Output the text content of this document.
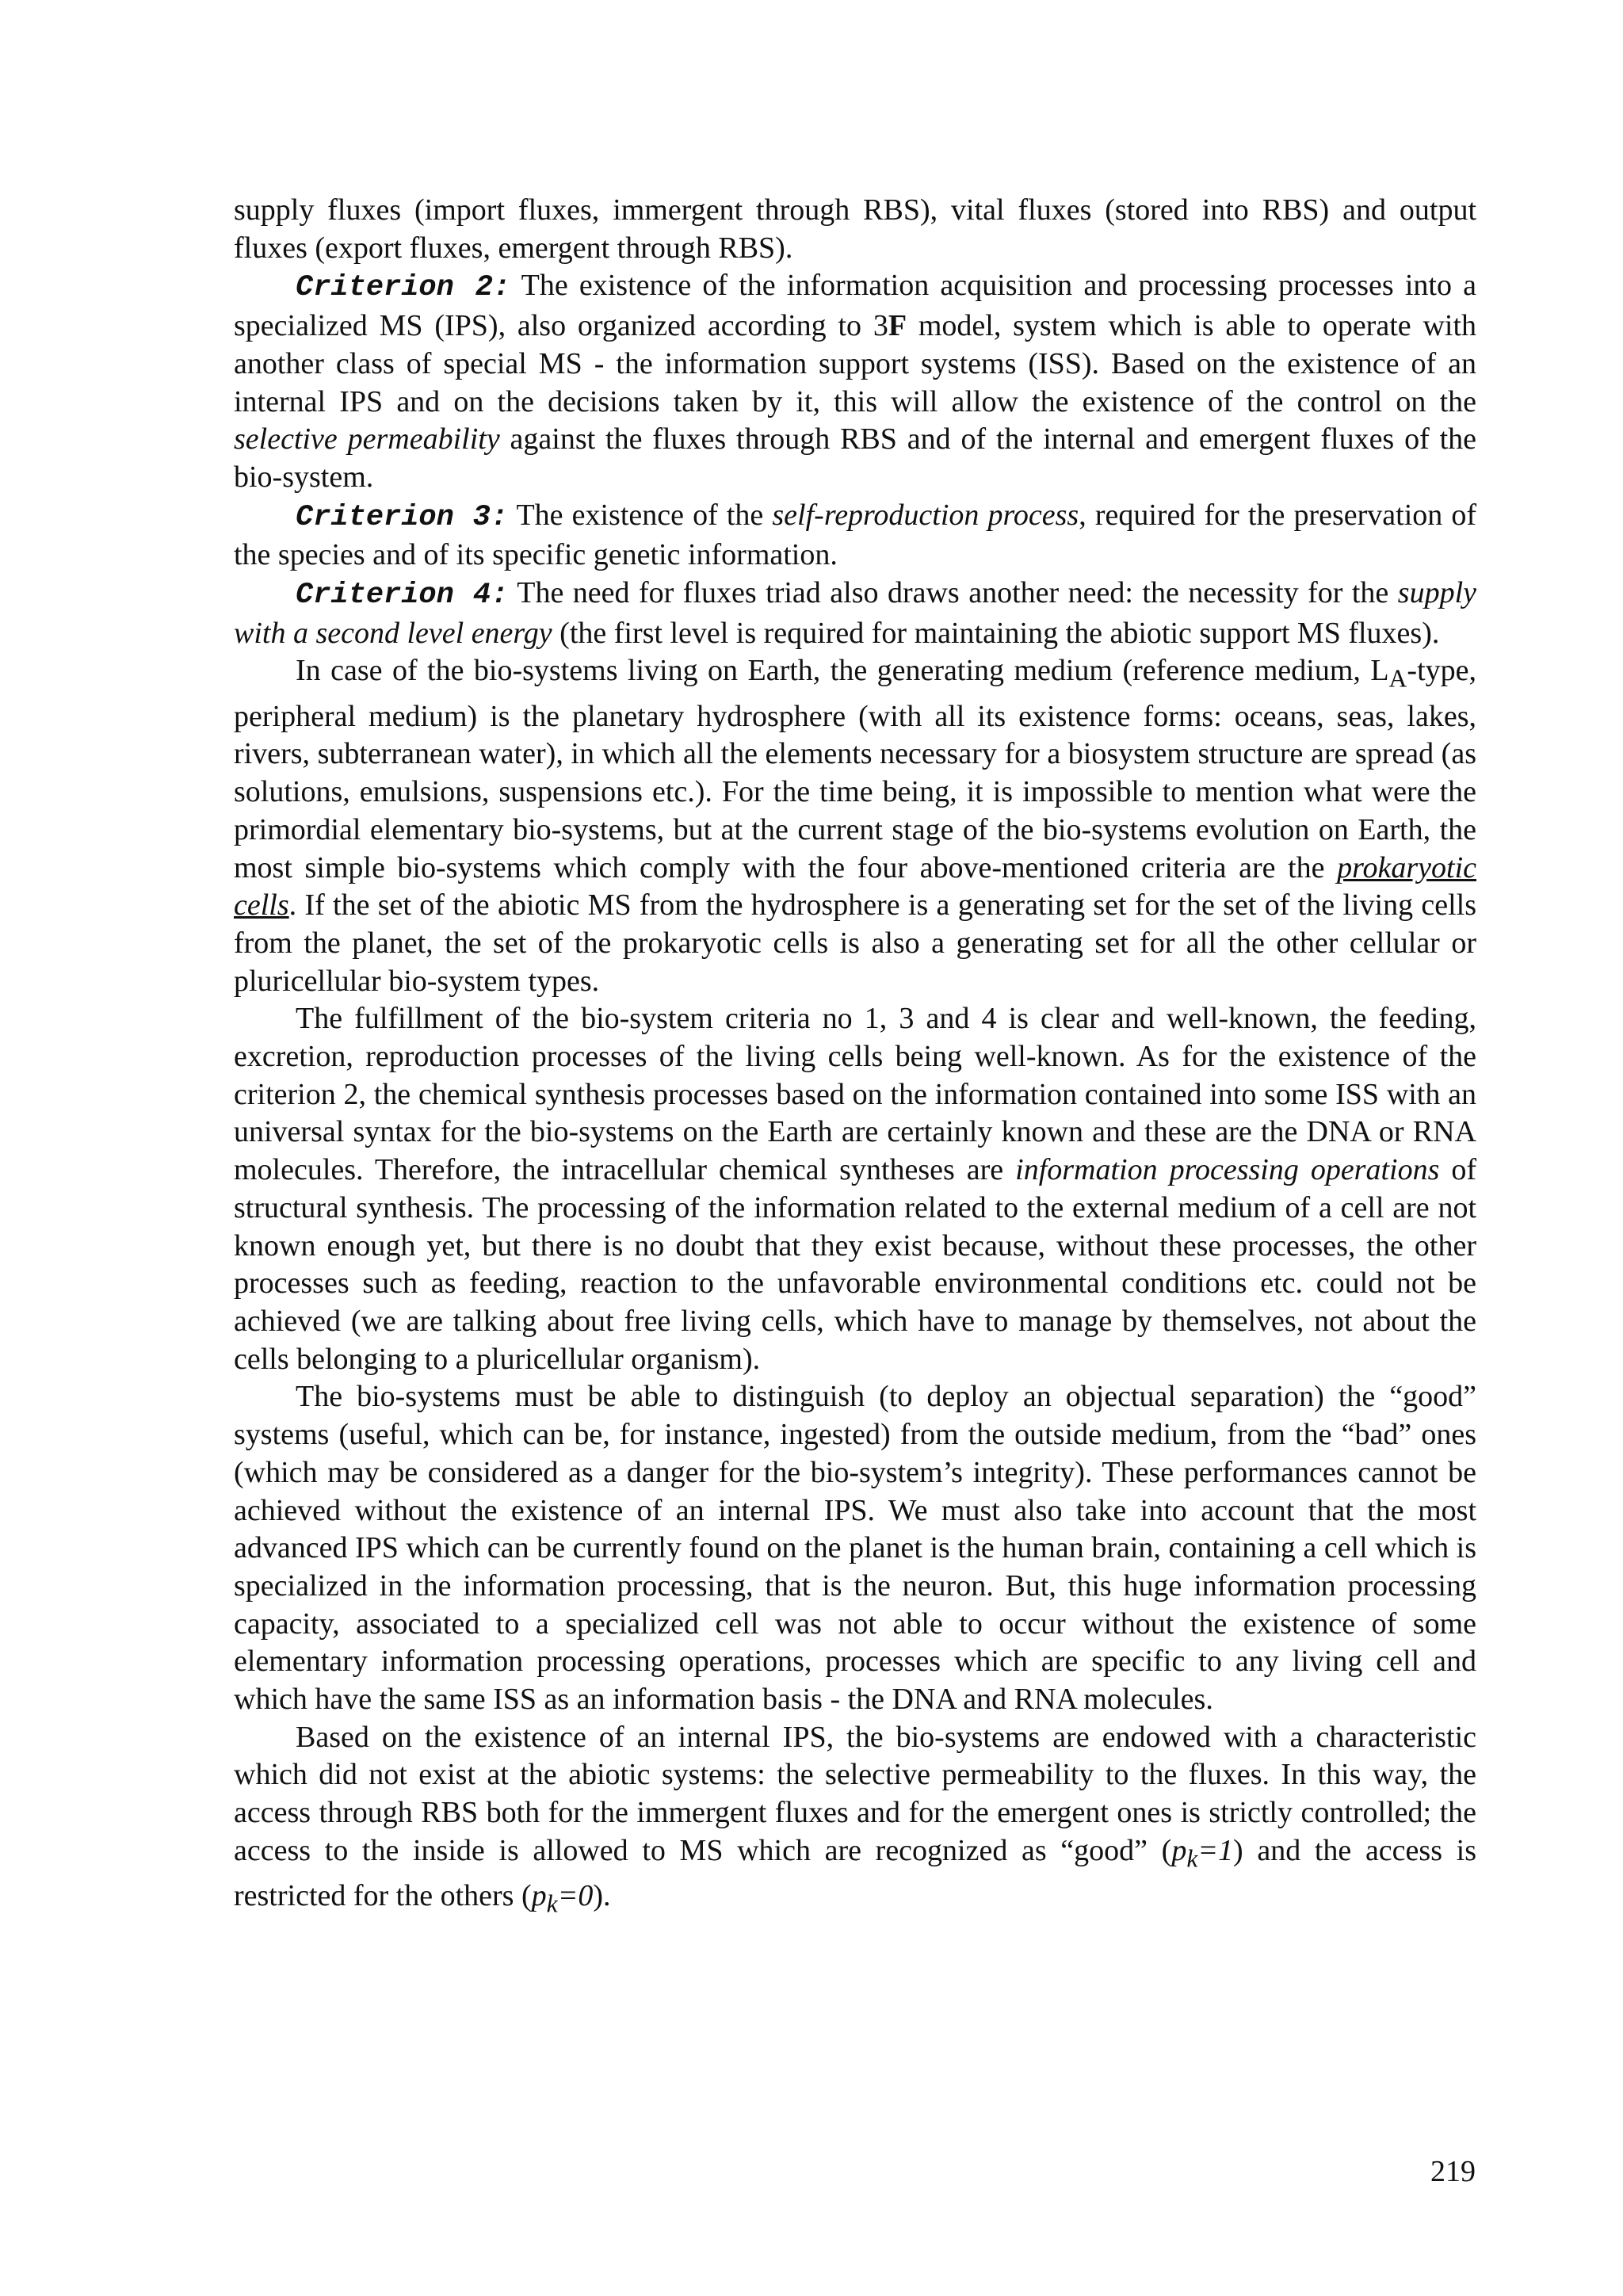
supply fluxes (import fluxes, immergent through RBS), vital fluxes (stored into RBS) and output fluxes (export fluxes, emergent through RBS).

Criterion 2: The existence of the information acquisition and processing processes into a specialized MS (IPS), also organized according to 3F model, system which is able to operate with another class of special MS - the information support systems (ISS). Based on the existence of an internal IPS and on the decisions taken by it, this will allow the existence of the control on the selective permeability against the fluxes through RBS and of the internal and emergent fluxes of the bio-system.

Criterion 3: The existence of the self-reproduction process, required for the preservation of the species and of its specific genetic information.

Criterion 4: The need for fluxes triad also draws another need: the necessity for the supply with a second level energy (the first level is required for maintaining the abiotic support MS fluxes).

In case of the bio-systems living on Earth, the generating medium (reference medium, $L_A$-type, peripheral medium) is the planetary hydrosphere (with all its existence forms: oceans, seas, lakes, rivers, subterranean water), in which all the elements necessary for a biosystem structure are spread (as solutions, emulsions, suspensions etc.). For the time being, it is impossible to mention what were the primordial elementary bio-systems, but at the current stage of the bio-systems evolution on Earth, the most simple bio-systems which comply with the four above-mentioned criteria are the prokaryotic cells. If the set of the abiotic MS from the hydrosphere is a generating set for the set of the living cells from the planet, the set of the prokaryotic cells is also a generating set for all the other cellular or pluricellular bio-system types.

The fulfillment of the bio-system criteria no 1, 3 and 4 is clear and well-known, the feeding, excretion, reproduction processes of the living cells being well-known. As for the existence of the criterion 2, the chemical synthesis processes based on the information contained into some ISS with an universal syntax for the bio-systems on the Earth are certainly known and these are the DNA or RNA molecules. Therefore, the intracellular chemical syntheses are information processing operations of structural synthesis. The processing of the information related to the external medium of a cell are not known enough yet, but there is no doubt that they exist because, without these processes, the other processes such as feeding, reaction to the unfavorable environmental conditions etc. could not be achieved (we are talking about free living cells, which have to manage by themselves, not about the cells belonging to a pluricellular organism).

The bio-systems must be able to distinguish (to deploy an objectual separation) the “good” systems (useful, which can be, for instance, ingested) from the outside medium, from the “bad” ones (which may be considered as a danger for the bio-system’s integrity). These performances cannot be achieved without the existence of an internal IPS. We must also take into account that the most advanced IPS which can be currently found on the planet is the human brain, containing a cell which is specialized in the information processing, that is the neuron. But, this huge information processing capacity, associated to a specialized cell was not able to occur without the existence of some elementary information processing operations, processes which are specific to any living cell and which have the same ISS as an information basis - the DNA and RNA molecules.

Based on the existence of an internal IPS, the bio-systems are endowed with a characteristic which did not exist at the abiotic systems: the selective permeability to the fluxes. In this way, the access through RBS both for the immergent fluxes and for the emergent ones is strictly controlled; the access to the inside is allowed to MS which are recognized as “good” $(p_k=1)$ and the access is restricted for the others $(p_k=0)$.

219
